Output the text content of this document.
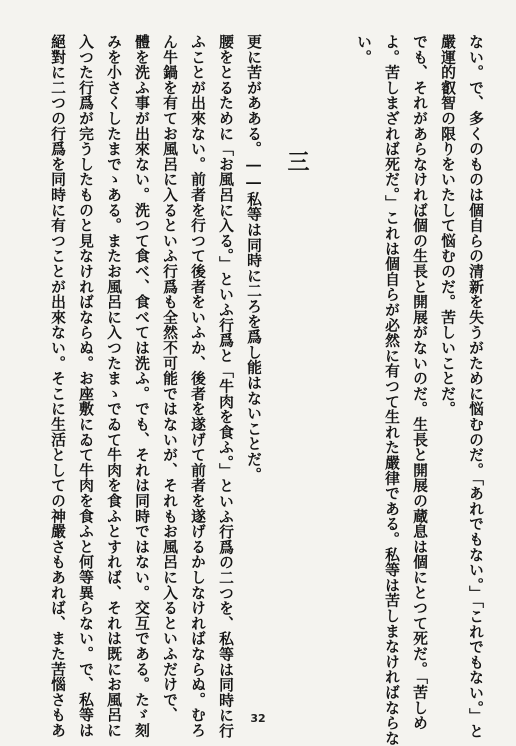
ない。で、多くのものは個自らの清新を失うがために悩むのだ。「あれでもない。」「これでもない。」と
嚴運的叡智の限りをいたして悩むのだ。苦しいことだ。
でも、それがあらなければ個の生長と開展がないのだ。生長と開展の蔵息は個にとつて死だ。「苦しめ
よ。苦しまざれば死だ。」これは個自らが必然に有つて生れた嚴律である。私等は苦しまなければならな
い。
三
更に苦があある。――私等は同時に二ろを爲し能はないことだ。
腰をとるために「お風呂に入る。」といふ行爲と「牛肉を食ふ。」といふ行爲の二つを、私等は同時に行
ふことが出來ない。前者を行つて後者をいふか、後者を遂げて前者を遂げるかしなければならぬ。むろ
ん牛鍋を有てお風呂に入るといふ行爲も全然不可能ではないが、それもお風呂に入るといふだけで、
體を洗ふ事が出來ない。洗つて食べ、食べては洗ふ。でも、それは同時ではない。交互である。たゞ刻
みを小さくしたまでゝある。またお風呂に入つたまゝでゐて牛肉を食ふとすれば、それは既にお風呂に
入つた行爲が完うしたものと見なければならぬ。お座敷にゐて牛肉を食ふと何等異らない。で、私等は
絕對に二つの行爲を同時に有つことが出來ない。そこに生活としての神嚴さもあれば、また苦惱さもあ	32
